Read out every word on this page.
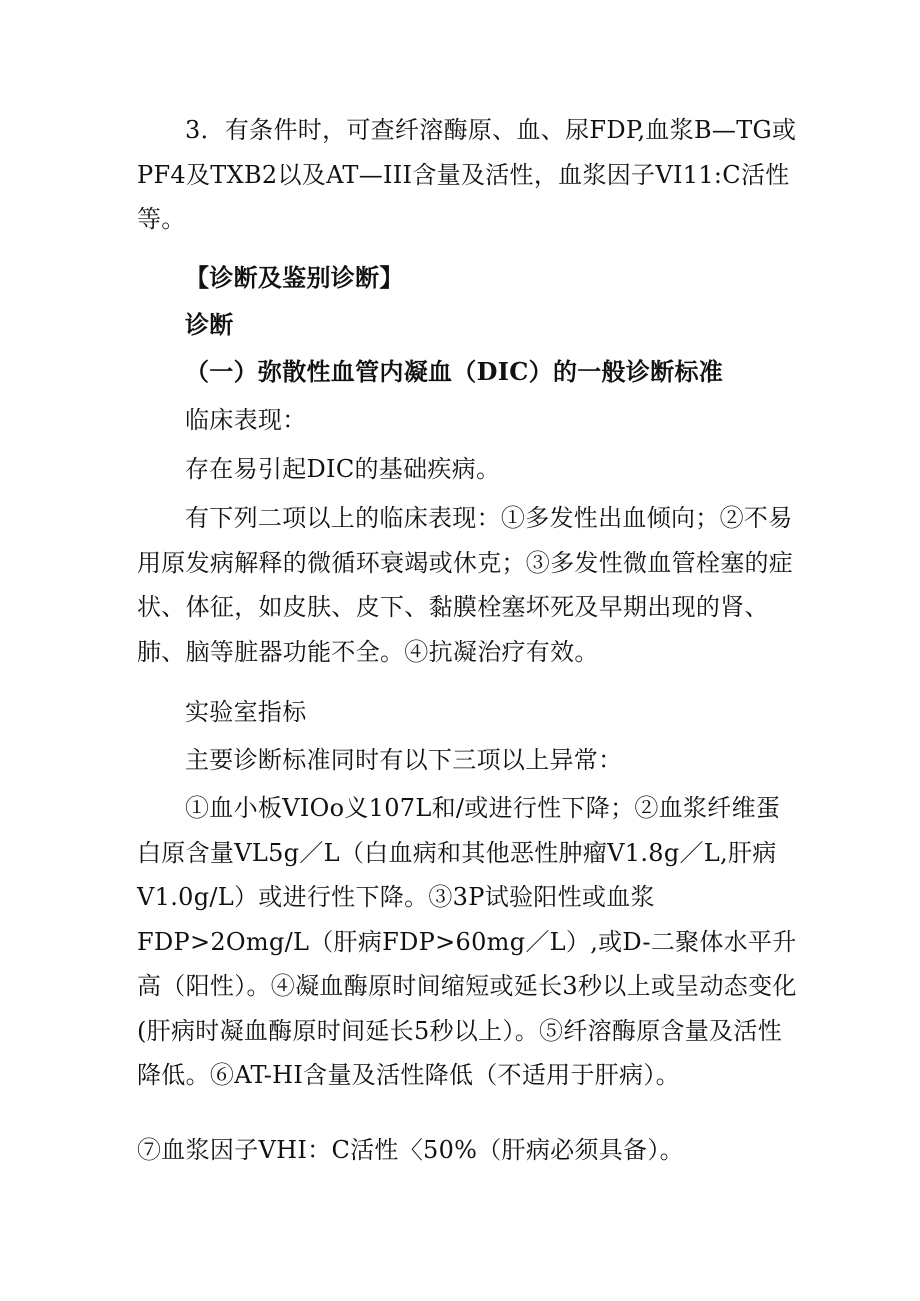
3．有条件时，可查纤溶酶原、血、尿FDP,血浆B—TG或PF4及TXB2以及AT—III含量及活性，血浆因子VI11:C活性等。

【诊断及鉴别诊断】

诊断

（一）弥散性血管内凝血（DIC）的一般诊断标准

临床表现：

存在易引起DIC的基础疾病。

有下列二项以上的临床表现：①多发性出血倾向；②不易用原发病解释的微循环衰竭或休克；③多发性微血管栓塞的症状、体征，如皮肤、皮下、黏膜栓塞坏死及早期出现的肾、肺、脑等脏器功能不全。④抗凝治疗有效。

实验室指标

主要诊断标准同时有以下三项以上异常：

①血小板VIOo义107L和/或进行性下降；②血浆纤维蛋白原含量VL5g／L（白血病和其他恶性肿瘤V1.8g／L,肝病V1.0g/L）或进行性下降。③3P试验阳性或血浆FDP>2Omg/L（肝病FDP>60mg／L）,或D-二聚体水平升高（阳性）。④凝血酶原时间缩短或延长3秒以上或呈动态变化(肝病时凝血酶原时间延长5秒以上）。⑤纤溶酶原含量及活性降低。⑥AT-HI含量及活性降低（不适用于肝病）。

⑦血浆因子VHI：C活性〈50%（肝病必须具备）。
